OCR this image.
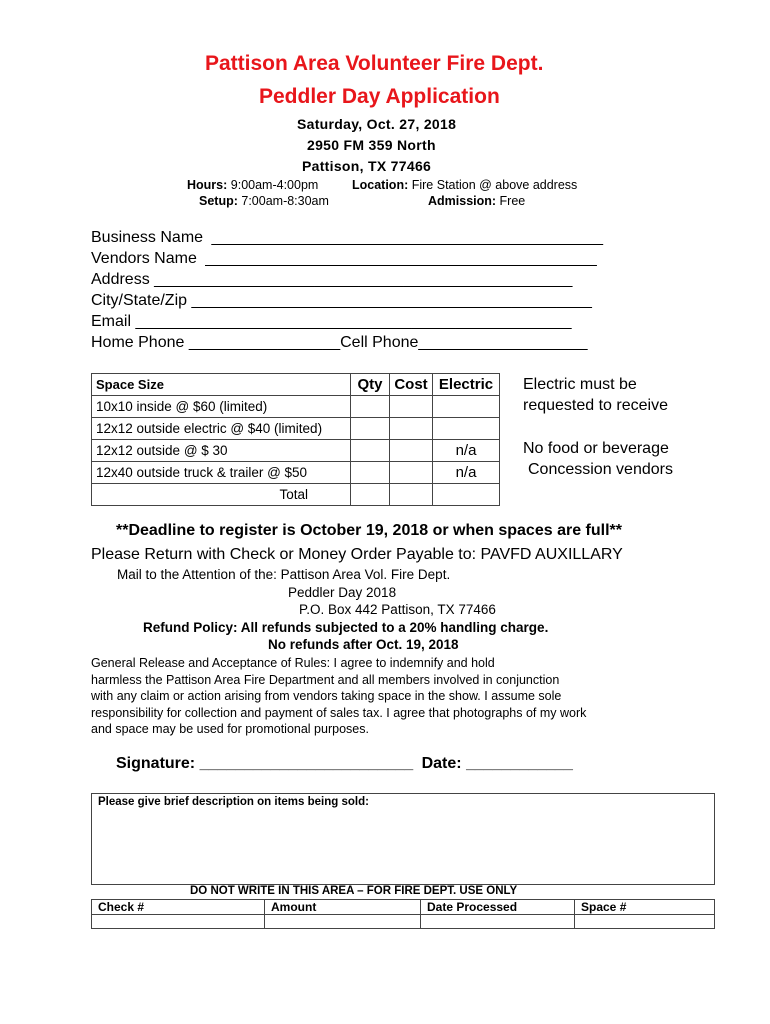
Pattison Area Volunteer Fire Dept.
Peddler Day Application
Saturday, Oct. 27, 2018
2950 FM 359 North
Pattison, TX 77466
Hours: 9:00am-4:00pm	Location: Fire Station @ above address
Setup: 7:00am-8:30am	Admission: Free
Business Name ____________________________________________
Vendors Name ____________________________________________
Address _______________________________________________
City/State/Zip _____________________________________________
Email _________________________________________________
Home Phone _________________Cell Phone___________________
Space Size	Qty	Cost	Electric
10x10 inside @ $60 (limited)			
12x12 outside electric @ $40 (limited)			
12x12 outside @ $ 30			n/a
12x40 outside truck & trailer @ $50			n/a
Total			
Electric must be
requested to receive
No food or beverage
Concession vendors
**Deadline to register is October 19, 2018 or when spaces are full**
Please Return with Check or Money Order Payable to: PAVFD AUXILLARY
Mail to the Attention of the: Pattison Area Vol. Fire Dept.
Peddler Day 2018
P.O. Box 442 Pattison, TX 77466
Refund Policy: All refunds subjected to a 20% handling charge.
No refunds after Oct. 19, 2018
General Release and Acceptance of Rules: I agree to indemnify and hold
harmless the Pattison Area Fire Department and all members involved in conjunction
with any claim or action arising from vendors taking space in the show. I assume sole
responsibility for collection and payment of sales tax. I agree that photographs of my work
and space may be used for promotional purposes.
Signature: ________________________ Date: ____________
Please give brief description on items being sold:
DO NOT WRITE IN THIS AREA – FOR FIRE DEPT. USE ONLY
Check #	Amount	Date Processed	Space #
